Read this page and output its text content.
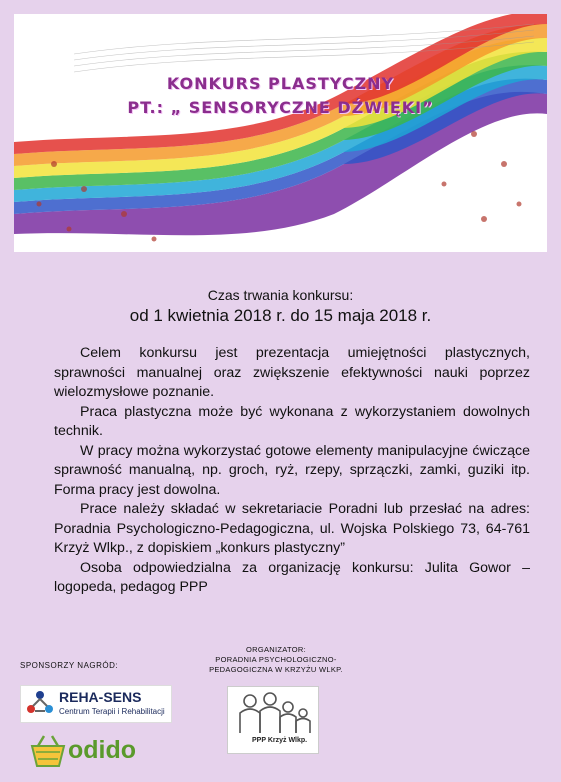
KONKURS PLASTYCZNY
PT.: „ SENSORYCZNE DŹWIĘKI”
Czas trwania konkursu:
od 1 kwietnia 2018 r. do 15 maja 2018 r.

Celem konkursu jest prezentacja umiejętności plastycznych, sprawności manualnej oraz zwiększenie efektywności nauki poprzez wielozmysłowe poznanie.

Praca plastyczna może być wykonana z wykorzystaniem dowolnych technik.

W pracy można wykorzystać gotowe elementy manipulacyjne ćwiczące sprawność manualną, np. groch, ryż, rzepy, sprzączki, zamki, guziki itp. Forma pracy jest dowolna.

Prace należy składać w sekretariacie Poradni lub przesłać na adres: Poradnia Psychologiczno-Pedagogiczna, ul. Wojska Polskiego 73, 64-761 Krzyż Wlkp., z dopiskiem „konkurs plastyczny”

Osoba odpowiedzialna za organizację konkursu: Julita Gowor – logopeda, pedagog PPP

SPONSORZY NAGRÓD:
ORGANIZATOR:
PORADNIA PSYCHOLOGICZNO-
PEDAGOGICZNA W KRZYŻU WLKP.
REHA-SENS
Centrum Terapii i Rehabilitacji
PPP Krzyż Wlkp.
odido
